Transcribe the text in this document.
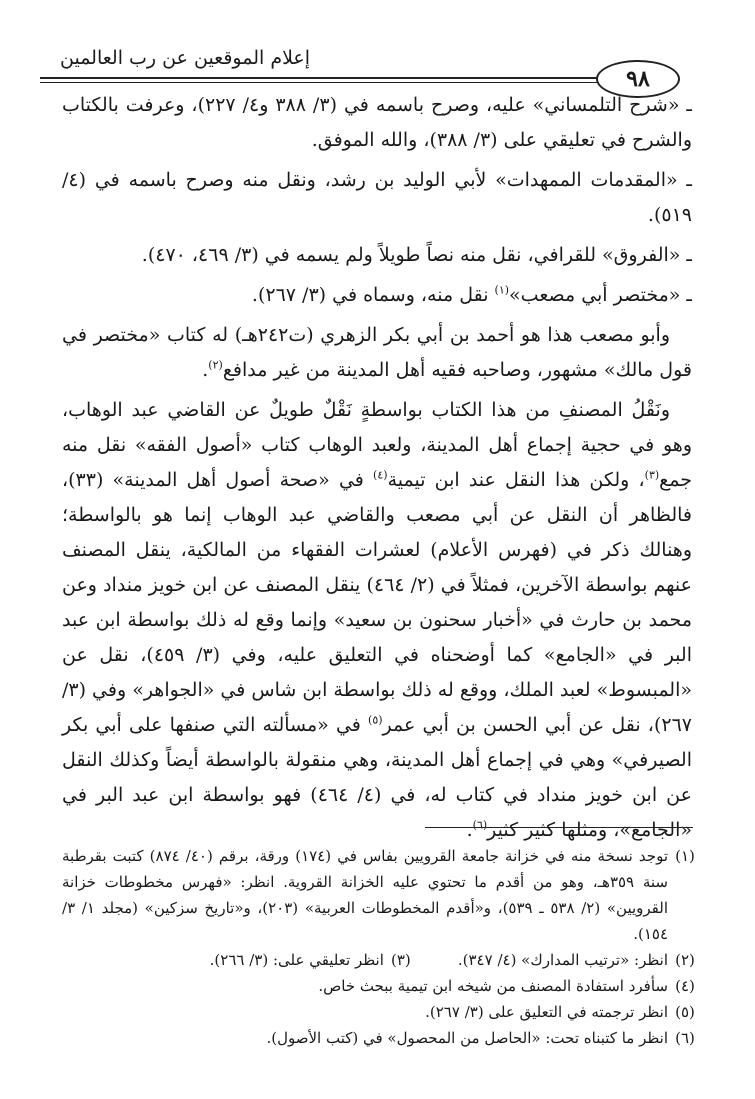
إعلام الموقعين عن رب العالمين
٩٨

ـ «شرح التلمساني» عليه، وصرح باسمه في (٣/ ٣٨٨ و٤/ ٢٢٧)، وعرفت بالكتاب والشرح في تعليقي على (٣/ ٣٨٨)، والله الموفق.

ـ «المقدمات الممهدات» لأبي الوليد بن رشد، ونقل منه وصرح باسمه في (٤/ ٥١٩).

ـ «الفروق» للقرافي، نقل منه نصاً طويلاً ولم يسمه في (٣/ ٤٦٩، ٤٧٠).

ـ «مختصر أبي مصعب»$^{(١)}$ نقل منه، وسماه في (٣/ ٢٦٧).

وأبو مصعب هذا هو أحمد بن أبي بكر الزهري (ت٢٤٢هـ) له كتاب «مختصر في قول مالك» مشهور، وصاحبه فقيه أهل المدينة من غير مدافع$^{(٢)}$.

ونَقْلُ المصنفِ من هذا الكتاب بواسطةٍ نَقْلٌ طويلٌ عن القاضي عبد الوهاب، وهو في حجية إجماع أهل المدينة، ولعبد الوهاب كتاب «أصول الفقه» نقل منه جمع$^{(٣)}$، ولكن هذا النقل عند ابن تيمية$^{(٤)}$ في «صحة أصول أهل المدينة» (٣٣)، فالظاهر أن النقل عن أبي مصعب والقاضي عبد الوهاب إنما هو بالواسطة؛ وهنالك ذكر في (فهرس الأعلام) لعشرات الفقهاء من المالكية، ينقل المصنف عنهم بواسطة الآخرين، فمثلاً في (٢/ ٤٦٤) ينقل المصنف عن ابن خويز منداد وعن محمد بن حارث في «أخبار سحنون بن سعيد» وإنما وقع له ذلك بواسطة ابن عبد البر في «الجامع» كما أوضحناه في التعليق عليه، وفي (٣/ ٤٥٩)، نقل عن «المبسوط» لعبد الملك، ووقع له ذلك بواسطة ابن شاس في «الجواهر» وفي (٣/ ٢٦٧)، نقل عن أبي الحسن بن أبي عمر$^{(٥)}$ في «مسألته التي صنفها على أبي بكر الصيرفي» وهي في إجماع أهل المدينة، وهي منقولة بالواسطة أيضاً وكذلك النقل عن ابن خويز منداد في كتاب له، في (٤/ ٤٦٤) فهو بواسطة ابن عبد البر في «الجامع»، ومثلها كثير كثير$^{(٦)}$.

(١)
توجد نسخة منه في خزانة جامعة القرويين بفاس في (١٧٤) ورقة، برقم (٤٠/ ٨٧٤) كتبت بقرطبة سنة ٣٥٩هـ، وهو من أقدم ما تحتوي عليه الخزانة القروية. انظر: «فهرس مخطوطات خزانة القرويين» (٢/ ٥٣٨ ـ ٥٣٩)، و«أقدم المخطوطات العربية» (٢٠٣)، و«تاريخ سزكين» (مجلد ١/ ٣/ ١٥٤).
(٢)
انظر: «ترتيب المدارك» (٤/ ٣٤٧).
(٣)
انظر تعليقي على: (٣/ ٢٦٦).
(٤)
سأفرد استفادة المصنف من شيخه ابن تيمية ببحث خاص.
(٥)
انظر ترجمته في التعليق على (٣/ ٢٦٧).
(٦)
انظر ما كتبناه تحت: «الحاصل من المحصول» في (كتب الأصول).
